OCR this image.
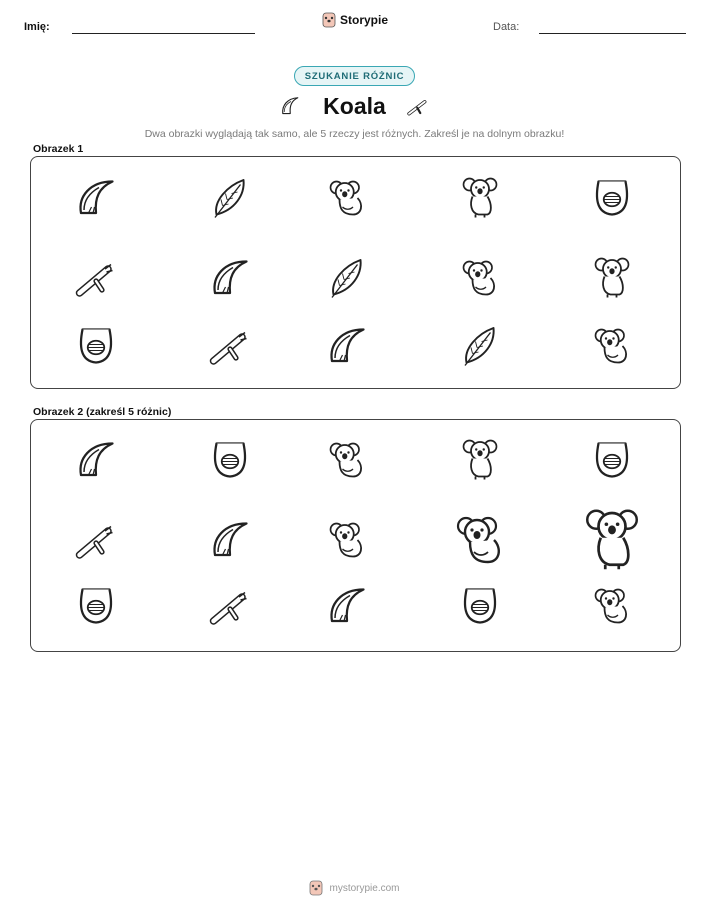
Imię:	Storypie	Data:
SZUKANIE RÓŻNIC
Koala
Dwa obrazki wyglądają tak samo, ale 5 rzeczy jest różnych. Zakreśl je na dolnym obrazku!
Obrazek 1
Obrazek 2 (zakreśl 5 różnic)
mystorypie.com
